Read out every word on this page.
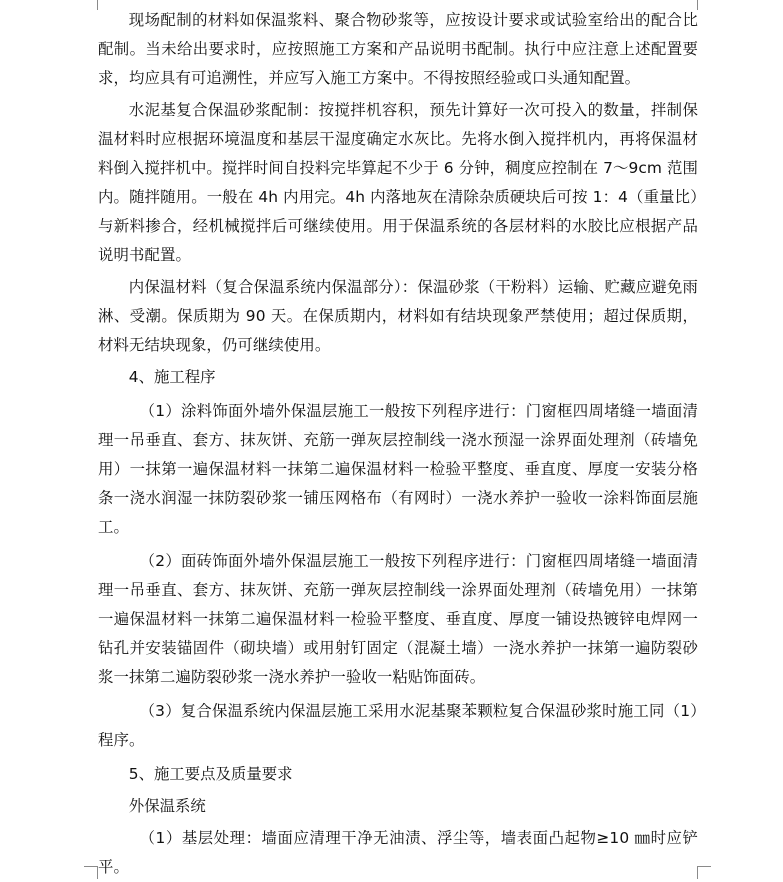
现场配制的材料如保温浆料、聚合物砂浆等，应按设计要求或试验室给出的配合比配制。当未给出要求时，应按照施工方案和产品说明书配制。执行中应注意上述配置要求，均应具有可追溯性，并应写入施工方案中。不得按照经验或口头通知配置。

水泥基复合保温砂浆配制：按搅拌机容积，预先计算好一次可投入的数量，拌制保温材料时应根据环境温度和基层干湿度确定水灰比。先将水倒入搅拌机内，再将保温材料倒入搅拌机中。搅拌时间自投料完毕算起不少于 6 分钟，稠度应控制在 7～9cm 范围内。随拌随用。一般在 4h 内用完。4h 内落地灰在清除杂质硬块后可按 1：4（重量比）与新料掺合，经机械搅拌后可继续使用。用于保温系统的各层材料的水胶比应根据产品说明书配置。

内保温材料（复合保温系统内保温部分）：保温砂浆（干粉料）运输、贮藏应避免雨淋、受潮。保质期为 90 天。在保质期内，材料如有结块现象严禁使用；超过保质期，材料无结块现象，仍可继续使用。

4、施工程序

（1）涂料饰面外墙外保温层施工一般按下列程序进行：门窗框四周堵缝一墙面清理一吊垂直、套方、抹灰饼、充筋一弹灰层控制线一浇水预湿一涂界面处理剂（砖墙免用）一抹第一遍保温材料一抹第二遍保温材料一检验平整度、垂直度、厚度一安装分格条一浇水润湿一抹防裂砂浆一铺压网格布（有网时）一浇水养护一验收一涂料饰面层施工。

（2）面砖饰面外墙外保温层施工一般按下列程序进行：门窗框四周堵缝一墙面清理一吊垂直、套方、抹灰饼、充筋一弹灰层控制线一涂界面处理剂（砖墙免用）一抹第一遍保温材料一抹第二遍保温材料一检验平整度、垂直度、厚度一铺设热镀锌电焊网一钻孔并安装锚固件（砌块墙）或用射钉固定（混凝土墙）一浇水养护一抹第一遍防裂砂浆一抹第二遍防裂砂浆一浇水养护一验收一粘贴饰面砖。

（3）复合保温系统内保温层施工采用水泥基聚苯颗粒复合保温砂浆时施工同（1）程序。

5、施工要点及质量要求

外保温系统

（1）基层处理：墙面应清理干净无油渍、浮尘等，墙表面凸起物≥10 ㎜时应铲平。
